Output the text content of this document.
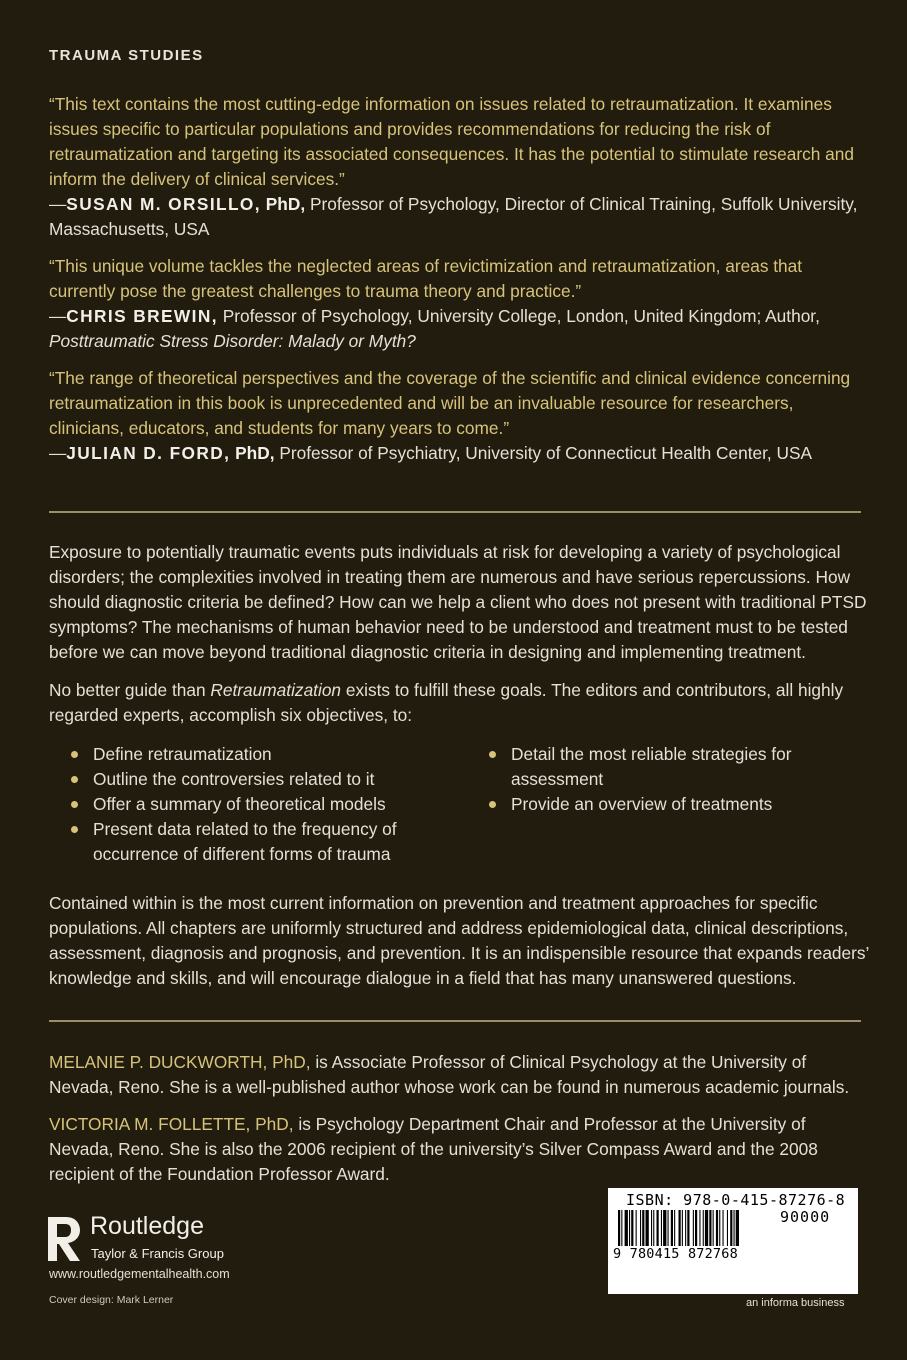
TRAUMA STUDIES

“This text contains the most cutting-edge information on issues related to retraumatization. It examines issues specific to particular populations and provides recommendations for reducing the risk of retraumatization and targeting its associated consequences. It has the potential to stimulate research and inform the delivery of clinical services.”

—SUSAN M. ORSILLO, PhD, Professor of Psychology, Director of Clinical Training, Suffolk University, Massachusetts, USA

“This unique volume tackles the neglected areas of revictimization and retraumatization, areas that currently pose the greatest challenges to trauma theory and practice.”

—CHRIS BREWIN, Professor of Psychology, University College, London, United Kingdom; Author, Posttraumatic Stress Disorder: Malady or Myth?

“The range of theoretical perspectives and the coverage of the scientific and clinical evidence concerning retraumatization in this book is unprecedented and will be an invaluable resource for researchers, clinicians, educators, and students for many years to come.”

—JULIAN D. FORD, PhD, Professor of Psychiatry, University of Connecticut Health Center, USA

Exposure to potentially traumatic events puts individuals at risk for developing a variety of psychological disorders; the complexities involved in treating them are numerous and have serious repercussions. How should diagnostic criteria be defined? How can we help a client who does not present with traditional PTSD symptoms? The mechanisms of human behavior need to be understood and treatment must to be tested before we can move beyond traditional diagnostic criteria in designing and implementing treatment.

No better guide than Retraumatization exists to fulfill these goals. The editors and contributors, all highly regarded experts, accomplish six objectives, to:

Define retraumatization
Outline the controversies related to it
Offer a summary of theoretical models
Present data related to the frequency of occurrence of different forms of trauma
Detail the most reliable strategies for assessment
Provide an overview of treatments

Contained within is the most current information on prevention and treatment approaches for specific populations. All chapters are uniformly structured and address epidemiological data, clinical descriptions, assessment, diagnosis and prognosis, and prevention. It is an indispensible resource that expands readers’ knowledge and skills, and will encourage dialogue in a field that has many unanswered questions.

MELANIE P. DUCKWORTH, PhD, is Associate Professor of Clinical Psychology at the University of Nevada, Reno. She is a well-published author whose work can be found in numerous academic journals.
VICTORIA M. FOLLETTE, PhD, is Psychology Department Chair and Professor at the University of Nevada, Reno. She is also the 2006 recipient of the university’s Silver Compass Award and the 2008 recipient of the Foundation Professor Award.
Routledge
Taylor & Francis Group
www.routledgementalhealth.com
Cover design: Mark Lerner
ISBN: 978-0-415-87276-8
90000
9 780415 872768
an informa business
